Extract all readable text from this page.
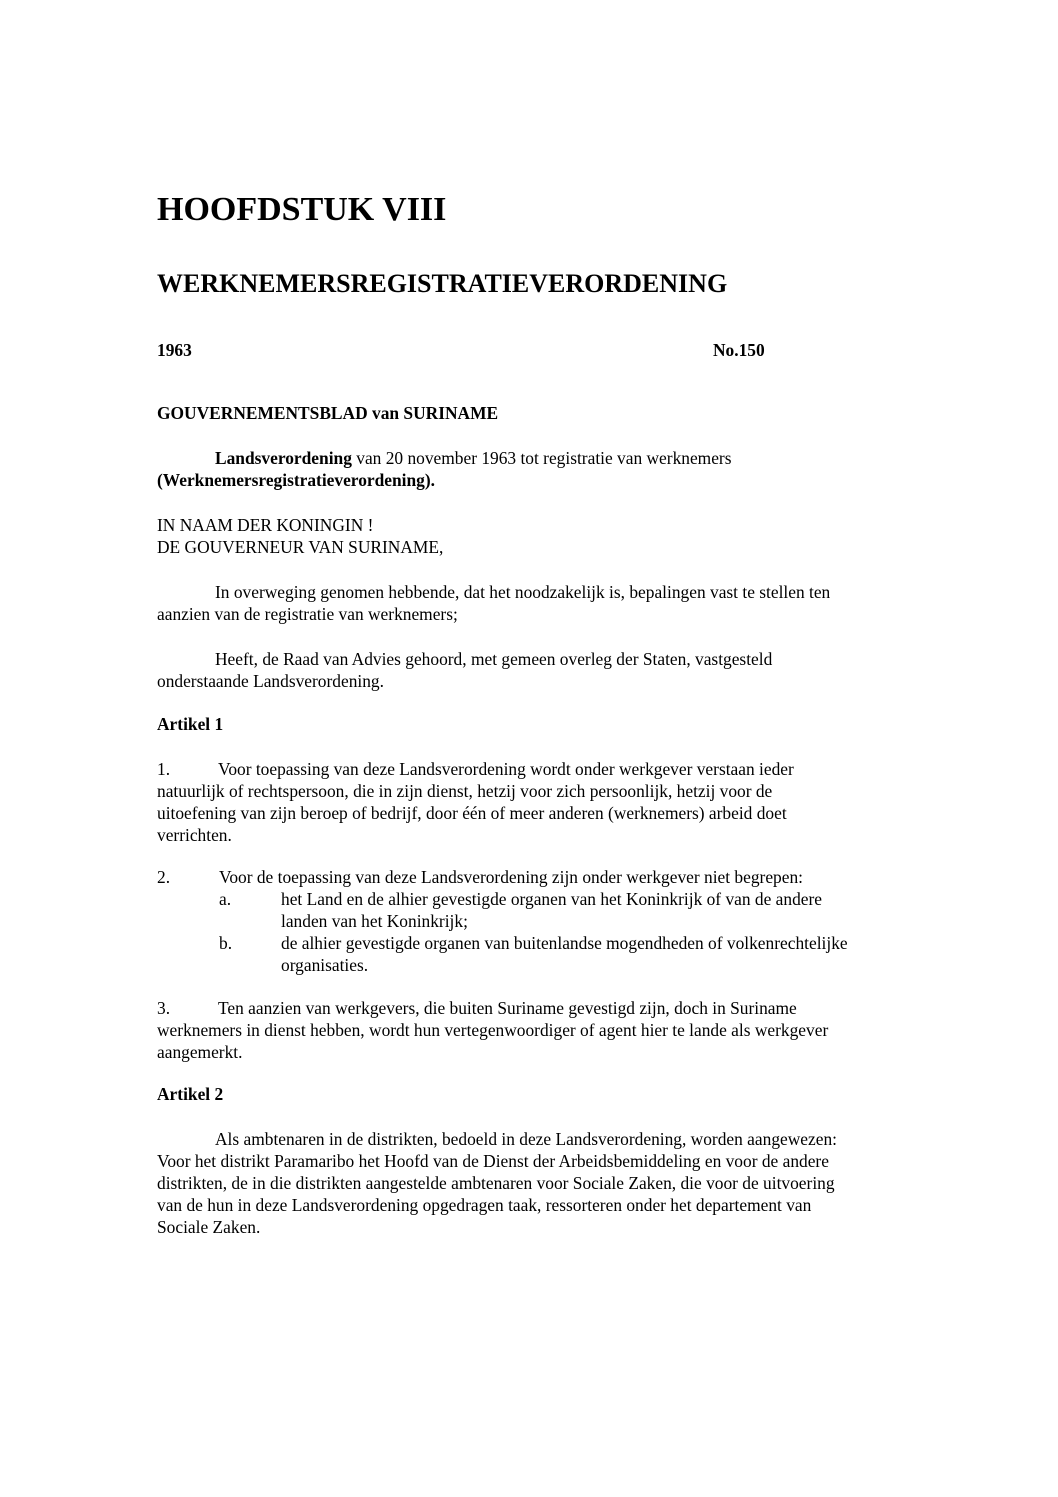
HOOFDSTUK VIII
WERKNEMERSREGISTRATIEVERORDENING
1963	No.150

GOUVERNEMENTSBLAD van SURINAME

Landsverordening van 20 november 1963 tot registratie van werknemers
(Werknemersregistratieverordening).

IN NAAM DER KONINGIN !
DE GOUVERNEUR VAN SURINAME,

In overweging genomen hebbende, dat het noodzakelijk is, bepalingen vast te stellen ten
aanzien van de registratie van werknemers;

Heeft, de Raad van Advies gehoord, met gemeen overleg der Staten, vastgesteld
onderstaande Landsverordening.

Artikel 1

1.	Voor toepassing van deze Landsverordening wordt onder werkgever verstaan ieder
natuurlijk of rechtspersoon, die in zijn dienst, hetzij voor zich persoonlijk, hetzij voor de
uitoefening van zijn beroep of bedrijf, door één of meer anderen (werknemers) arbeid doet
verrichten.

2.	Voor de toepassing van deze Landsverordening zijn onder werkgever niet begrepen:

a.	het Land en de alhier gevestigde organen van het Koninkrijk of van de andere
landen van het Koninkrijk;

b.	de alhier gevestigde organen van buitenlandse mogendheden of volkenrechtelijke
organisaties.

3.	Ten aanzien van werkgevers, die buiten Suriname gevestigd zijn, doch in Suriname
werknemers in dienst hebben, wordt hun vertegenwoordiger of agent hier te lande als werkgever
aangemerkt.

Artikel 2

Als ambtenaren in de distrikten, bedoeld in deze Landsverordening, worden aangewezen:
Voor het distrikt Paramaribo het Hoofd van de Dienst der Arbeidsbemiddeling en voor de andere
distrikten, de in die distrikten aangestelde ambtenaren voor Sociale Zaken, die voor de uitvoering
van de hun in deze Landsverordening opgedragen taak, ressorteren onder het departement van
Sociale Zaken.
